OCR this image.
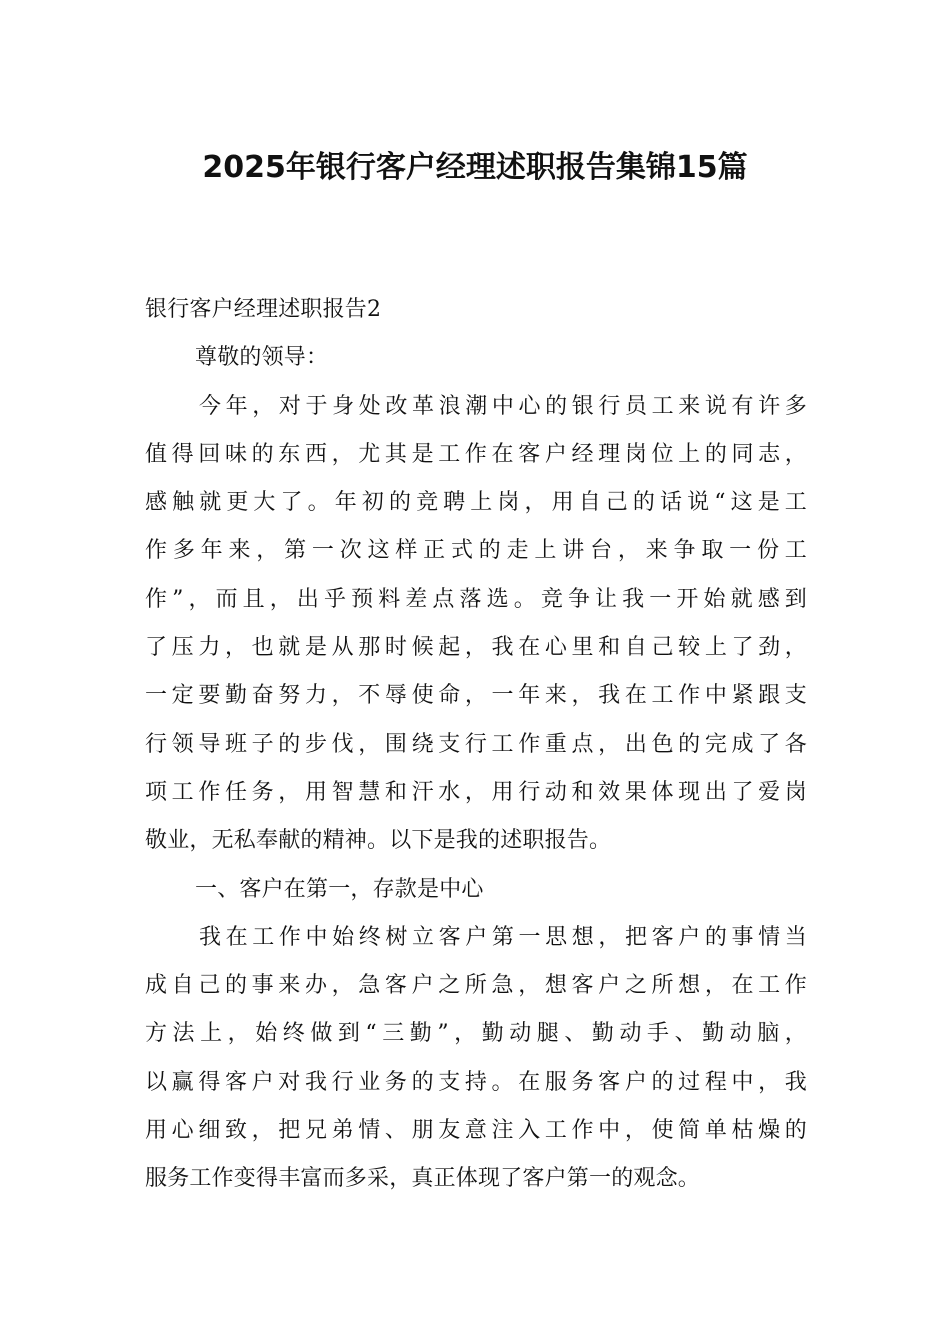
2025年银行客户经理述职报告集锦15篇
银行客户经理述职报告2
尊敬的领导：
今年，对于身处改革浪潮中心的银行员工来说有许多
值得回味的东西，尤其是工作在客户经理岗位上的同志，
感触就更大了。年初的竞聘上岗，用自己的话说“这是工
作多年来，第一次这样正式的走上讲台，来争取一份工
作”，而且，出乎预料差点落选。竞争让我一开始就感到
了压力，也就是从那时候起，我在心里和自己较上了劲，
一定要勤奋努力，不辱使命，一年来，我在工作中紧跟支
行领导班子的步伐，围绕支行工作重点，出色的完成了各
项工作任务，用智慧和汗水，用行动和效果体现出了爱岗
敬业，无私奉献的精神。以下是我的述职报告。
一、客户在第一，存款是中心
我在工作中始终树立客户第一思想，把客户的事情当
成自己的事来办，急客户之所急，想客户之所想，在工作
方法上，始终做到“三勤”，勤动腿、勤动手、勤动脑，
以赢得客户对我行业务的支持。在服务客户的过程中，我
用心细致，把兄弟情、朋友意注入工作中，使简单枯燥的
服务工作变得丰富而多采，真正体现了客户第一的观念。
